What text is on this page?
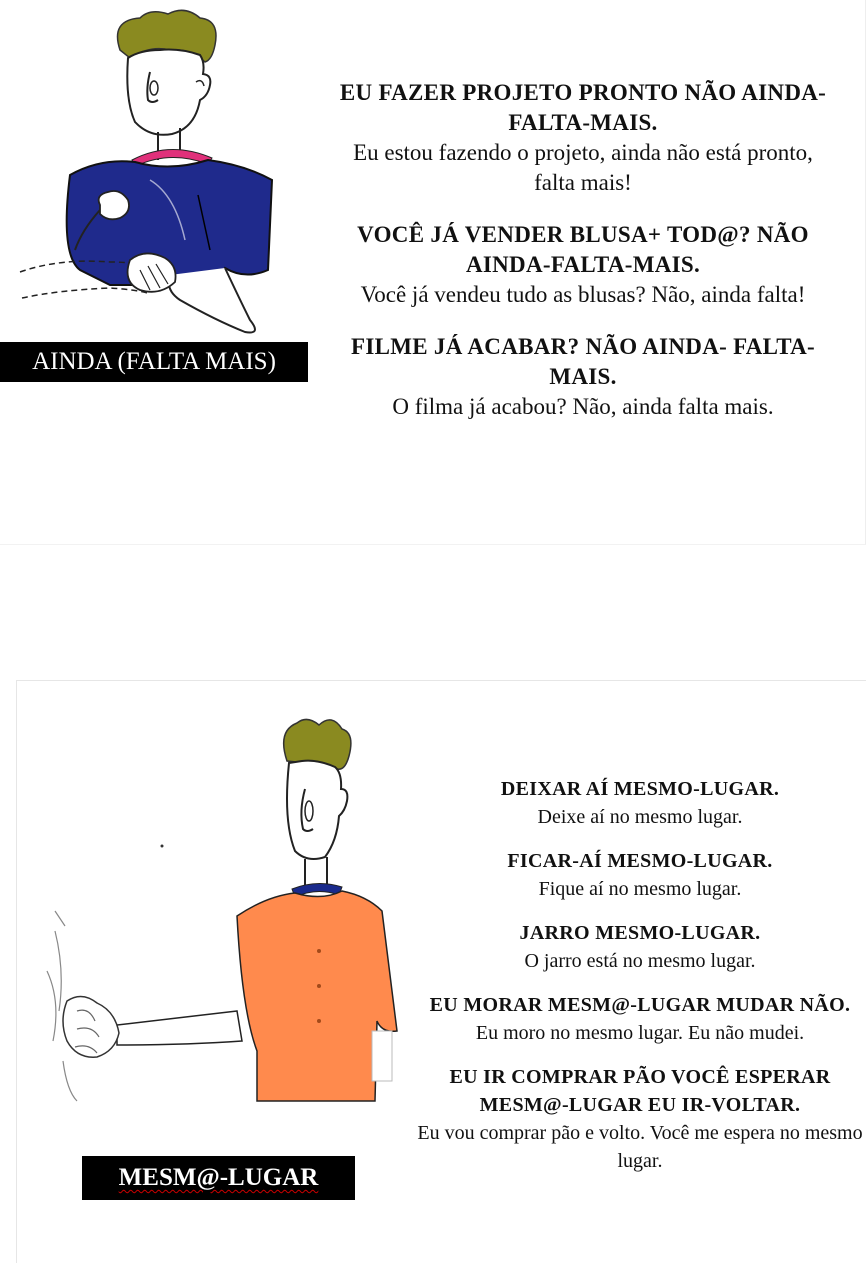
AINDA (FALTA MAIS)
EU FAZER PROJETO PRONTO NÃO AINDA- FALTA-MAIS.
Eu estou fazendo o projeto, ainda não está pronto, falta mais!
VOCÊ JÁ VENDER BLUSA+ TOD@? NÃO AINDA-FALTA-MAIS.
Você já vendeu tudo as blusas? Não, ainda falta!
FILME JÁ ACABAR? NÃO AINDA- FALTA-MAIS.
O filma já acabou? Não, ainda falta mais.
MESM@-LUGAR
DEIXAR AÍ MESMO-LUGAR.
Deixe aí no mesmo lugar.
FICAR-AÍ MESMO-LUGAR.
Fique aí no mesmo lugar.
JARRO MESMO-LUGAR.
O jarro está no mesmo lugar.
EU MORAR MESM@-LUGAR MUDAR NÃO.
Eu moro no mesmo lugar. Eu não mudei.
EU IR COMPRAR PÃO VOCÊ ESPERAR MESM@-LUGAR EU IR-VOLTAR.
Eu vou comprar pão e volto. Você me espera no mesmo lugar.
